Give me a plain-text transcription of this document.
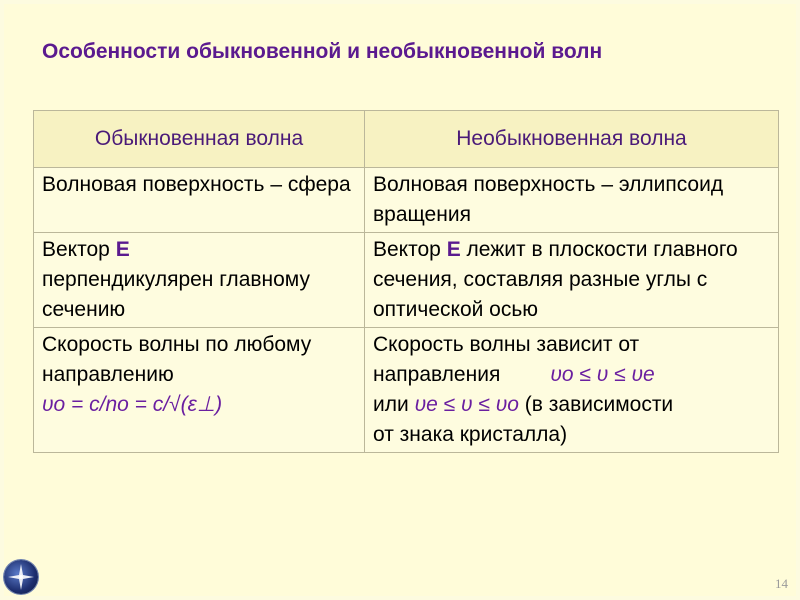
Особенности обыкновенной и необыкновенной волн
Обыкновенная волна	Необыкновенная волна
Волновая поверхность – сфера	Волновая поверхность – эллипсоид вращения
Вектор E
перпендикулярен главному сечению	Вектор E лежит в плоскости главного сечения, составляя разные углы с оптической осью
Скорость волны по любому направлению
υo = c/no = c/√(ε⊥)	Скорость волны зависит от
направления υo ≤ υ ≤ υe
или υe ≤ υ ≤ υo (в зависимости
от знака кристалла)
14
